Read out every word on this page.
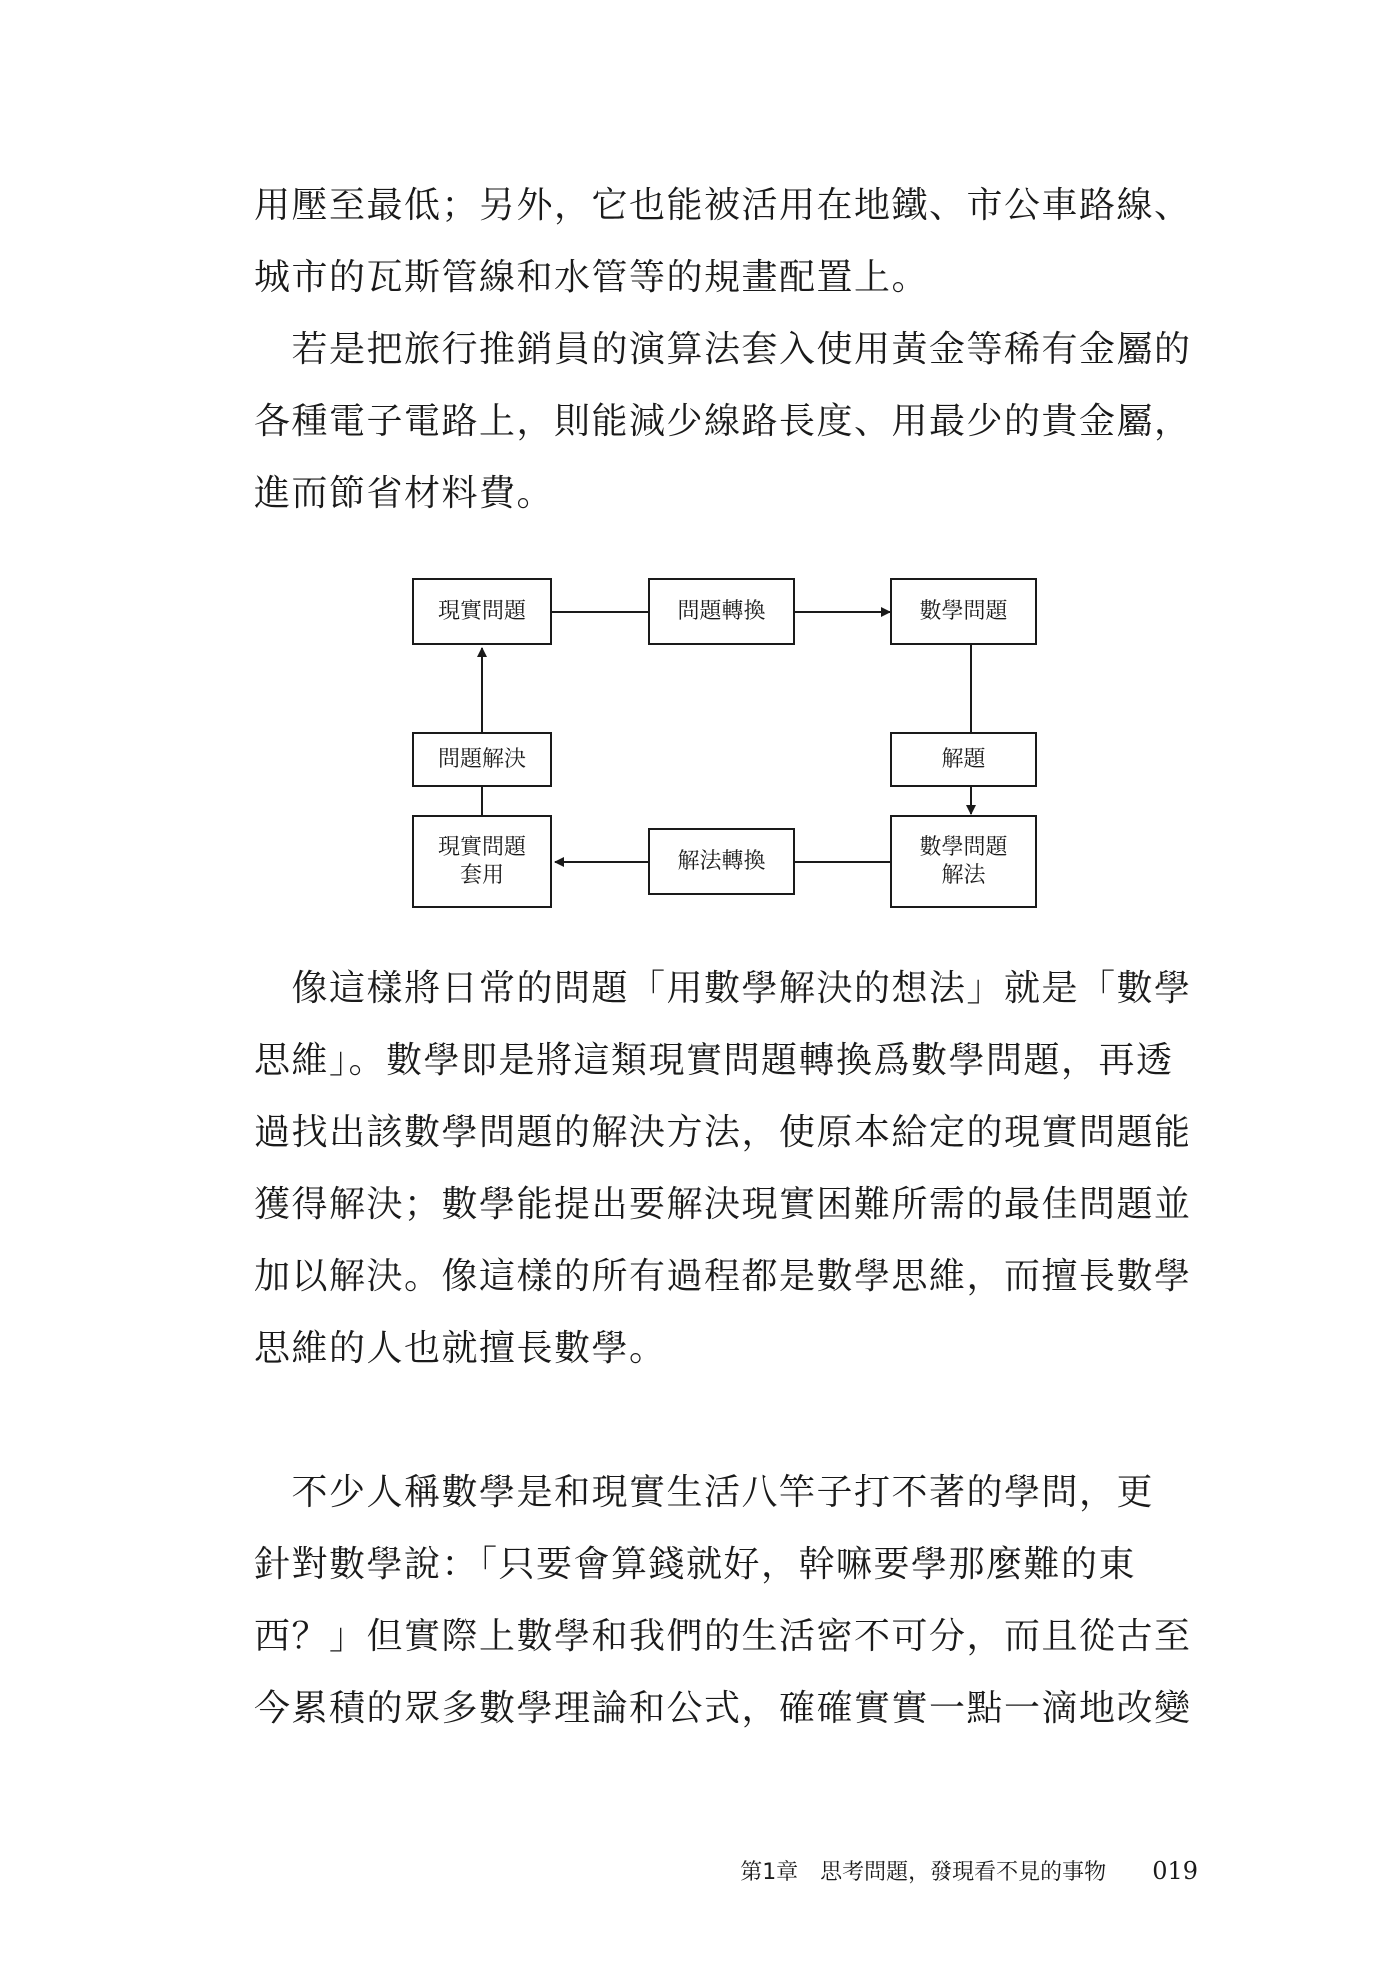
用壓至最低；另外，它也能被活用在地鐵、市公車路線、
城市的瓦斯管線和水管等的規畫配置上。
　若是把旅行推銷員的演算法套入使用黃金等稀有金屬的
各種電子電路上，則能減少線路長度、用最少的貴金屬，
進而節省材料費。
現實問題	問題轉換	數學問題
問題解決	解題
現實問題
套用
解法轉換
數學問題
解法
　像這樣將日常的問題「用數學解決的想法」就是「數學
思維」。數學即是將這類現實問題轉換爲數學問題，再透
過找出該數學問題的解決方法，使原本給定的現實問題能
獲得解決；數學能提出要解決現實困難所需的最佳問題並
加以解決。像這樣的所有過程都是數學思維，而擅長數學
思維的人也就擅長數學。
　不少人稱數學是和現實生活八竿子打不著的學問，更
針對數學說：「只要會算錢就好，幹嘛要學那麼難的東
西？」但實際上數學和我們的生活密不可分，而且從古至
今累積的眾多數學理論和公式，確確實實一點一滴地改變
第1章　思考問題，發現看不見的事物 019
